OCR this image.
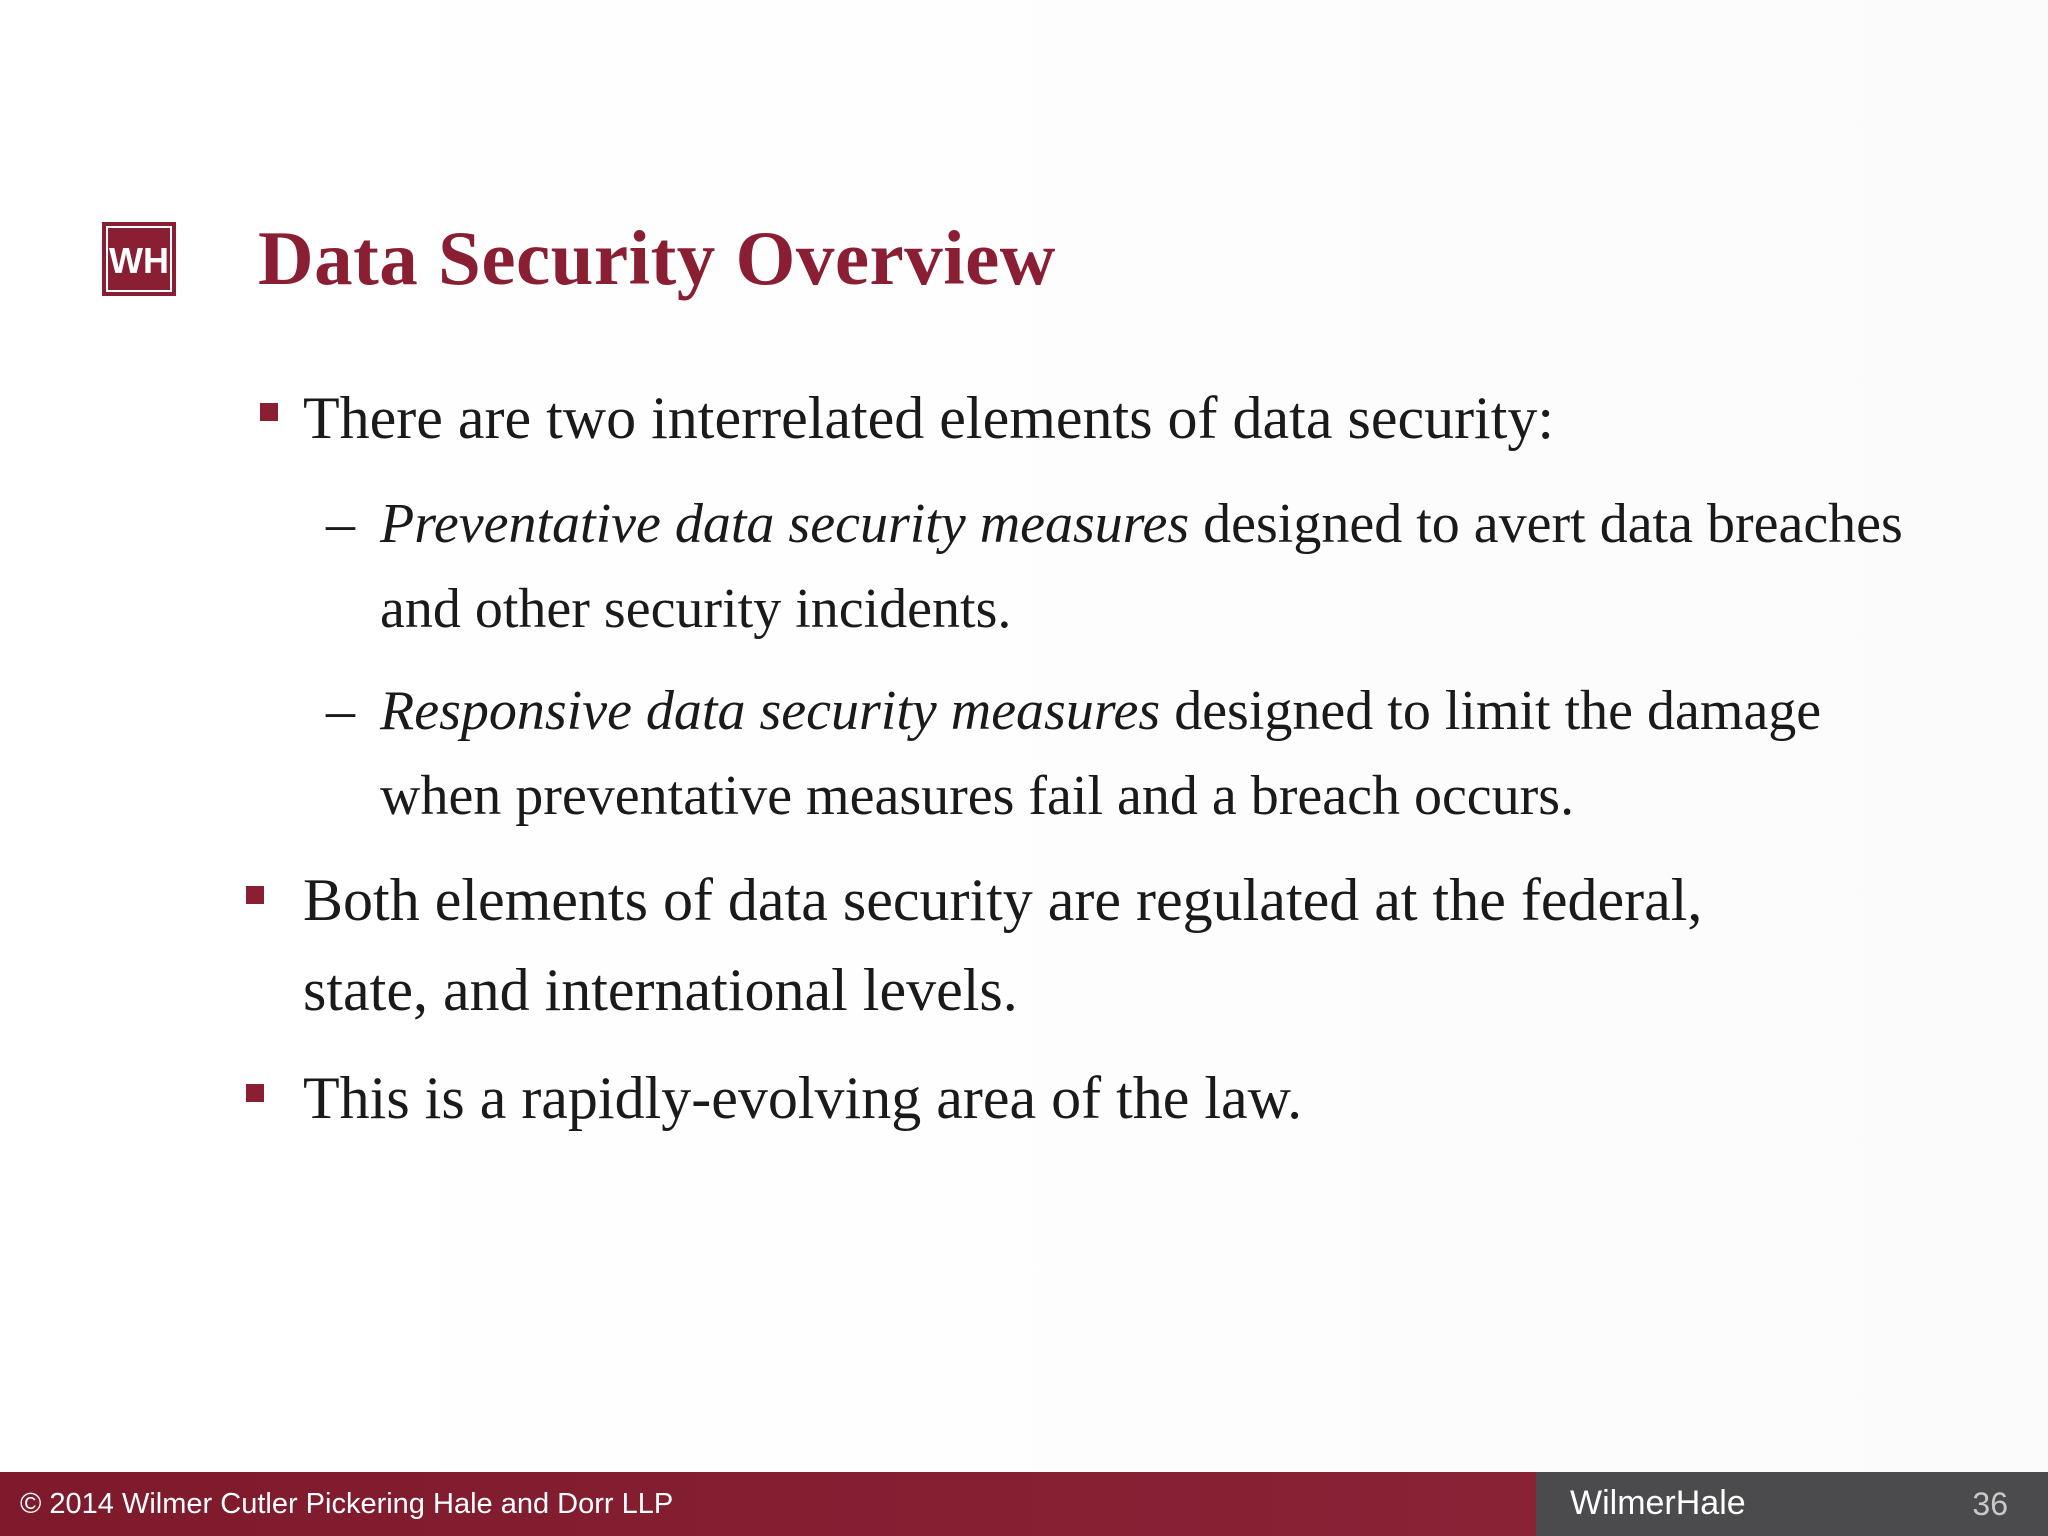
WH Data Security Overview
There are two interrelated elements of data security:
– Preventative data security measures designed to avert data breaches
and other security incidents.
– Responsive data security measures designed to limit the damage
when preventative measures fail and a breach occurs.
Both elements of data security are regulated at the federal,
state, and international levels.
This is a rapidly-evolving area of the law.
© 2014 Wilmer Cutler Pickering Hale and Dorr LLP	36
WilmerHale
